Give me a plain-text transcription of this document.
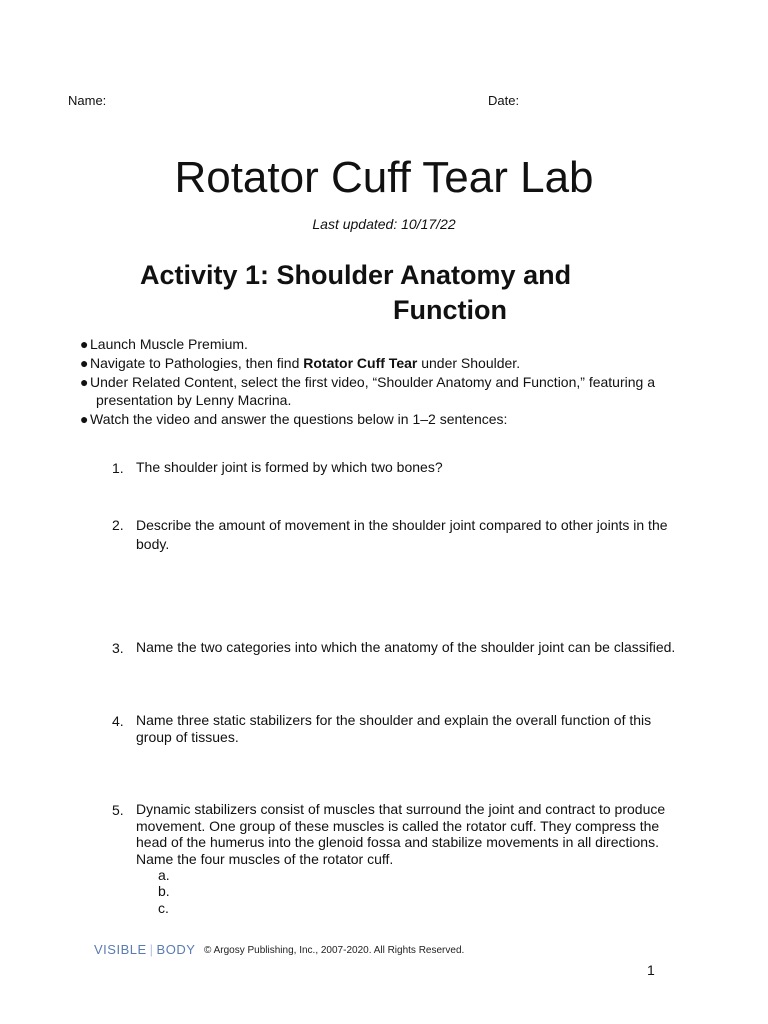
Name:	Date:
Rotator Cuff Tear Lab
Last updated: 10/17/22
Activity 1: Shoulder Anatomy and
Function
● Launch Muscle Premium.
● Navigate to Pathologies, then find Rotator Cuff Tear under Shoulder.
● Under Related Content, select the first video, “Shoulder Anatomy and Function,” featuring a
presentation by Lenny Macrina.
● Watch the video and answer the questions below in 1–2 sentences:
1. The shoulder joint is formed by which two bones?
2. Describe the amount of movement in the shoulder joint compared to other joints in the
body.
3. Name the two categories into which the anatomy of the shoulder joint can be classified.
4. Name three static stabilizers for the shoulder and explain the overall function of this
group of tissues.
5. Dynamic stabilizers consist of muscles that surround the joint and contract to produce
movement. One group of these muscles is called the rotator cuff. They compress the
head of the humerus into the glenoid fossa and stabilize movements in all directions.
Name the four muscles of the rotator cuff.
a.
b.
c.
VISIBLE | BODY © Argosy Publishing, Inc., 2007-2020. All Rights Reserved.
1
